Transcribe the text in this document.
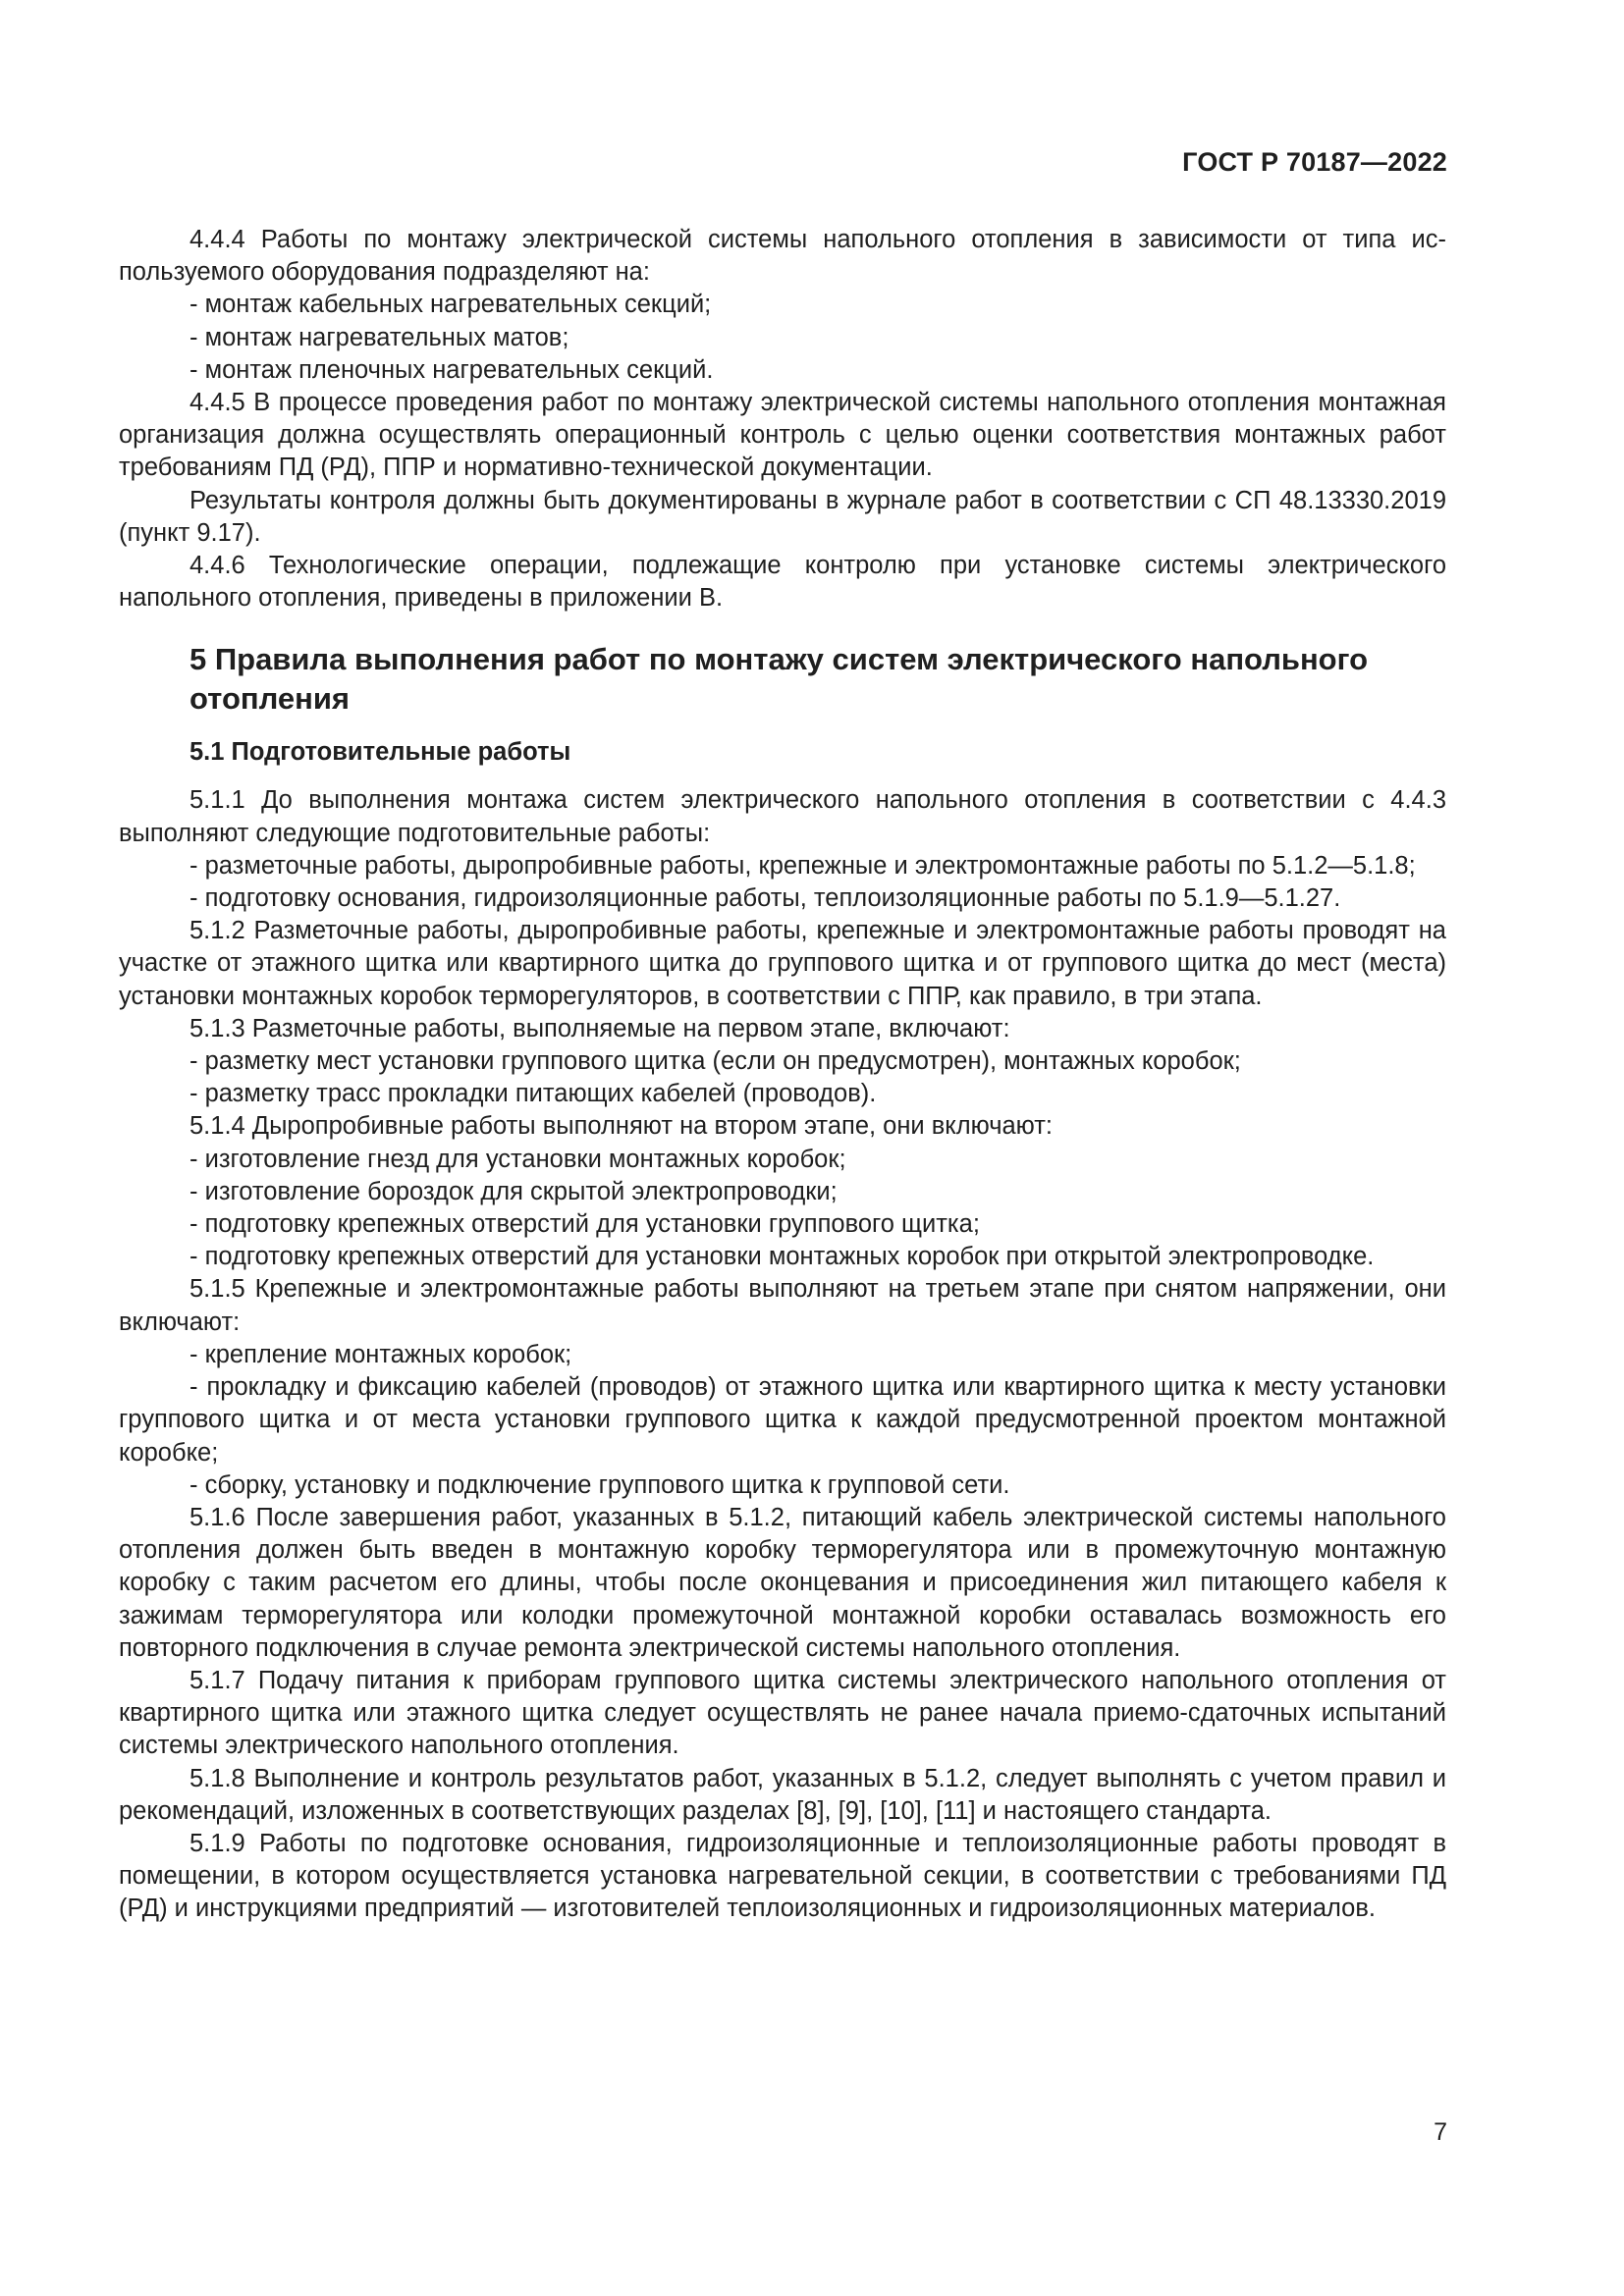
ГОСТ Р 70187—2022

4.4.4 Работы по монтажу электрической системы напольного отопления в зависимости от типа используемого оборудования подразделяют на:

- монтаж кабельных нагревательных секций;

- монтаж нагревательных матов;

- монтаж пленочных нагревательных секций.

4.4.5 В процессе проведения работ по монтажу электрической системы напольного отопления монтажная организация должна осуществлять операционный контроль с целью оценки соответствия монтажных работ требованиям ПД (РД), ППР и нормативно-технической документации.

Результаты контроля должны быть документированы в журнале работ в соответствии с СП 48.13330.2019 (пункт 9.17).

4.4.6 Технологические операции, подлежащие контролю при установке системы электрического напольного отопления, приведены в приложении В.

5 Правила выполнения работ по монтажу систем электрического напольного отопления
5.1 Подготовительные работы

5.1.1 До выполнения монтажа систем электрического напольного отопления в соответствии с 4.4.3 выполняют следующие подготовительные работы:

- разметочные работы, дыропробивные работы, крепежные и электромонтажные работы по 5.1.2—5.1.8;

- подготовку основания, гидроизоляционные работы, теплоизоляционные работы по 5.1.9—5.1.27.

5.1.2 Разметочные работы, дыропробивные работы, крепежные и электромонтажные работы проводят на участке от этажного щитка или квартирного щитка до группового щитка и от группового щитка до мест (места) установки монтажных коробок терморегуляторов, в соответствии с ППР, как правило, в три этапа.

5.1.3 Разметочные работы, выполняемые на первом этапе, включают:

- разметку мест установки группового щитка (если он предусмотрен), монтажных коробок;

- разметку трасс прокладки питающих кабелей (проводов).

5.1.4 Дыропробивные работы выполняют на втором этапе, они включают:

- изготовление гнезд для установки монтажных коробок;

- изготовление бороздок для скрытой электропроводки;

- подготовку крепежных отверстий для установки группового щитка;

- подготовку крепежных отверстий для установки монтажных коробок при открытой электропроводке.

5.1.5 Крепежные и электромонтажные работы выполняют на третьем этапе при снятом напряжении, они включают:

- крепление монтажных коробок;

- прокладку и фиксацию кабелей (проводов) от этажного щитка или квартирного щитка к месту установки группового щитка и от места установки группового щитка к каждой предусмотренной проектом монтажной коробке;

- сборку, установку и подключение группового щитка к групповой сети.

5.1.6 После завершения работ, указанных в 5.1.2, питающий кабель электрической системы напольного отопления должен быть введен в монтажную коробку терморегулятора или в промежуточную монтажную коробку с таким расчетом его длины, чтобы после оконцевания и присоединения жил питающего кабеля к зажимам терморегулятора или колодки промежуточной монтажной коробки оставалась возможность его повторного подключения в случае ремонта электрической системы напольного отопления.

5.1.7 Подачу питания к приборам группового щитка системы электрического напольного отопления от квартирного щитка или этажного щитка следует осуществлять не ранее начала приемо-сдаточных испытаний системы электрического напольного отопления.

5.1.8 Выполнение и контроль результатов работ, указанных в 5.1.2, следует выполнять с учетом правил и рекомендаций, изложенных в соответствующих разделах [8], [9], [10], [11] и настоящего стандарта.

5.1.9 Работы по подготовке основания, гидроизоляционные и теплоизоляционные работы проводят в помещении, в котором осуществляется установка нагревательной секции, в соответствии с требованиями ПД (РД) и инструкциями предприятий — изготовителей теплоизоляционных и гидроизоляционных материалов.

7
